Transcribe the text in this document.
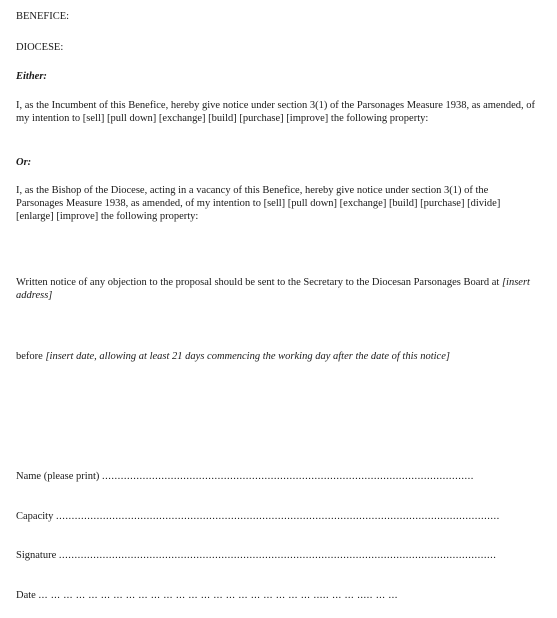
BENEFICE:

DIOCESE:

Either:

I, as the Incumbent of this Benefice, hereby give notice under section 3(1) of the Parsonages Measure 1938, as amended, of my intention to [sell] [pull down] [exchange] [build] [purchase] [improve] the following property:

Or:

I, as the Bishop of the Diocese, acting in a vacancy of this Benefice, hereby give notice under section 3(1) of the Parsonages Measure 1938, as amended, of my intention to [sell] [pull down] [exchange] [build] [purchase] [divide] [enlarge] [improve] the following property:

Written notice of any objection to the proposal should be sent to the Secretary to the Diocesan Parsonages Board at [insert address]

before [insert date, allowing at least 21 days commencing the working day after the date of this notice]

Name (please print) .......................................................................................................................
Capacity ..............................................................................................................................................
Signature ............................................................................................................................................
Date ... ... ... ... ... ... ... ... ... ... ... ... ... ... ... ... ... ... ... ... ... ... ..... ... ... ..... ... ...
